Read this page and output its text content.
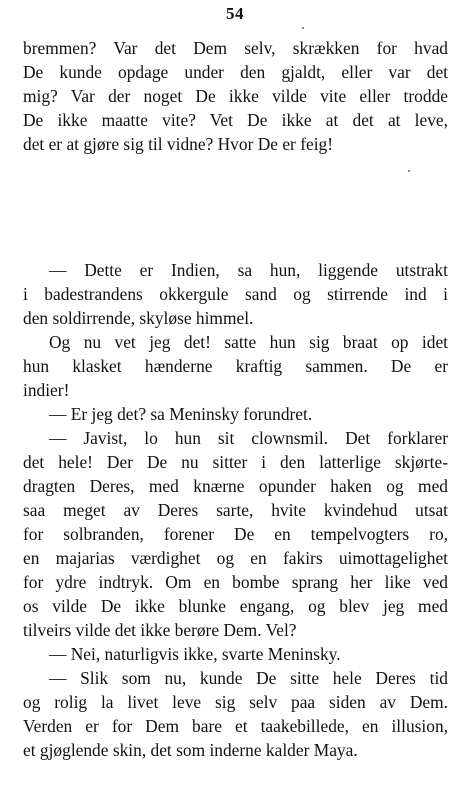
54
bremmen? Var det Dem selv, skrækken for hvad
De kunde opdage under den gjaldt, eller var det
mig? Var der noget De ikke vilde vite eller trodde
De ikke maatte vite? Vet De ikke at det at leve,
det er at gjøre sig til vidne? Hvor De er feig!
— Dette er Indien, sa hun, liggende utstrakt
i badestrandens okkergule sand og stirrende ind i
den soldirrende, skyløse himmel.
Og nu vet jeg det! satte hun sig braat op idet
hun klasket hænderne kraftig sammen. De er
indier!
— Er jeg det? sa Meninsky forundret.
— Javist, lo hun sit clownsmil. Det forklarer
det hele! Der De nu sitter i den latterlige skjørte-
dragten Deres, med knærne opunder haken og med
saa meget av Deres sarte, hvite kvindehud utsat
for solbranden, forener De en tempelvogters ro,
en majarias værdighet og en fakirs uimottagelighet
for ydre indtryk. Om en bombe sprang her like ved
os vilde De ikke blunke engang, og blev jeg med
tilveirs vilde det ikke berøre Dem. Vel?
— Nei, naturligvis ikke, svarte Meninsky.
— Slik som nu, kunde De sitte hele Deres tid
og rolig la livet leve sig selv paa siden av Dem.
Verden er for Dem bare et taakebillede, en illusion,
et gjøglende skin, det som inderne kalder Maya.
